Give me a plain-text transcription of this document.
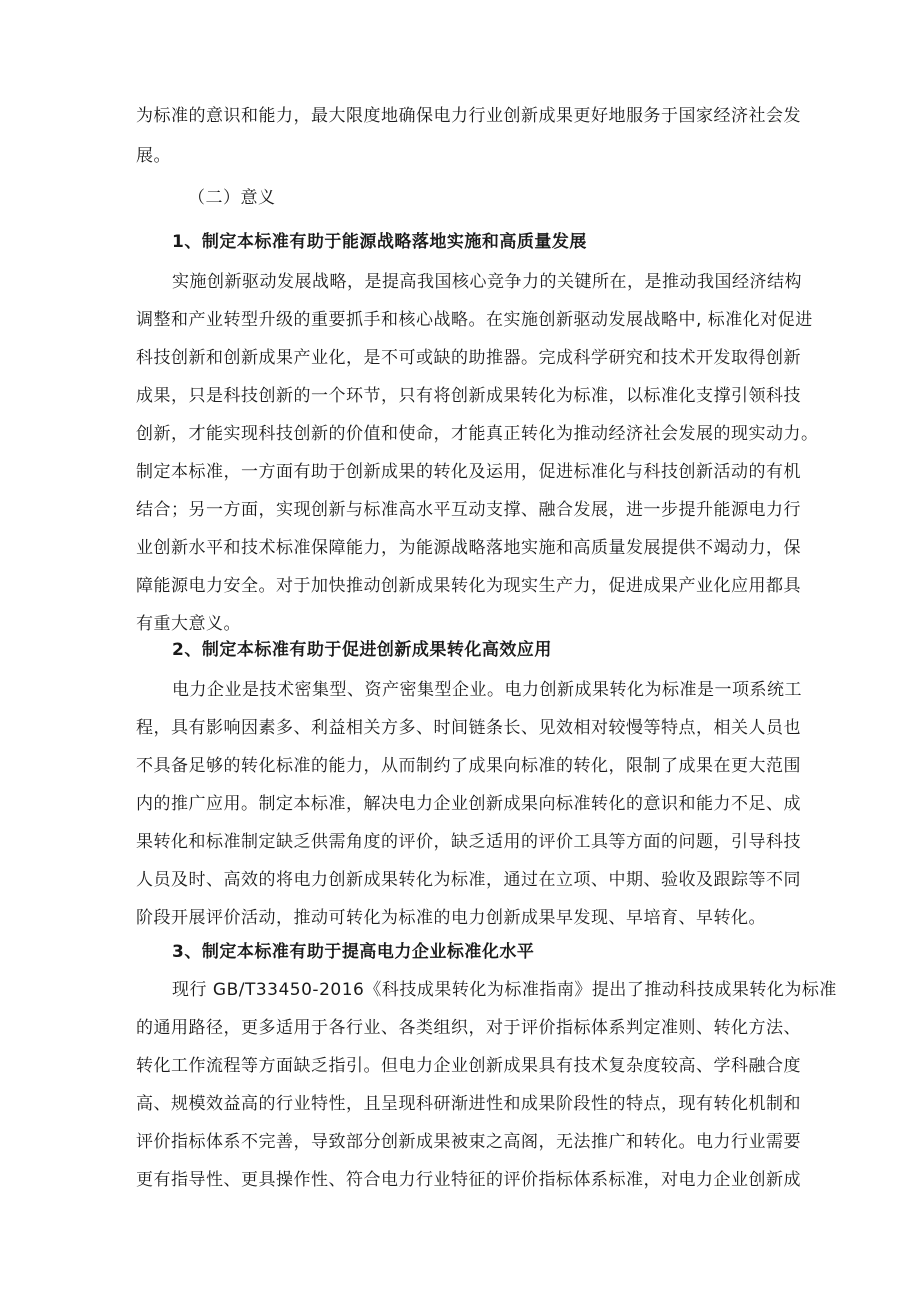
为标准的意识和能力，最大限度地确保电力行业创新成果更好地服务于国家经济社会发
展。
（二）意义
1、制定本标准有助于能源战略落地实施和高质量发展
实施创新驱动发展战略，是提高我国核心竞争力的关键所在，是推动我国经济结构
调整和产业转型升级的重要抓手和核心战略。在实施创新驱动发展战略中, 标准化对促进
科技创新和创新成果产业化，是不可或缺的助推器。完成科学研究和技术开发取得创新
成果，只是科技创新的一个环节，只有将创新成果转化为标准，以标准化支撑引领科技
创新，才能实现科技创新的价值和使命，才能真正转化为推动经济社会发展的现实动力。
制定本标准，一方面有助于创新成果的转化及运用，促进标准化与科技创新活动的有机
结合；另一方面，实现创新与标准高水平互动支撑、融合发展，进一步提升能源电力行
业创新水平和技术标准保障能力，为能源战略落地实施和高质量发展提供不竭动力，保
障能源电力安全。对于加快推动创新成果转化为现实生产力，促进成果产业化应用都具
有重大意义。
2、制定本标准有助于促进创新成果转化高效应用
电力企业是技术密集型、资产密集型企业。电力创新成果转化为标准是一项系统工
程，具有影响因素多、利益相关方多、时间链条长、见效相对较慢等特点，相关人员也
不具备足够的转化标准的能力，从而制约了成果向标准的转化，限制了成果在更大范围
内的推广应用。制定本标准，解决电力企业创新成果向标准转化的意识和能力不足、成
果转化和标准制定缺乏供需角度的评价，缺乏适用的评价工具等方面的问题，引导科技
人员及时、高效的将电力创新成果转化为标准，通过在立项、中期、验收及跟踪等不同
阶段开展评价活动，推动可转化为标准的电力创新成果早发现、早培育、早转化。
3、制定本标准有助于提高电力企业标准化水平
现行 GB/T33450-2016《科技成果转化为标准指南》提出了推动科技成果转化为标准
的通用路径，更多适用于各行业、各类组织，对于评价指标体系判定准则、转化方法、
转化工作流程等方面缺乏指引。但电力企业创新成果具有技术复杂度较高、学科融合度
高、规模效益高的行业特性，且呈现科研渐进性和成果阶段性的特点，现有转化机制和
评价指标体系不完善，导致部分创新成果被束之高阁，无法推广和转化。电力行业需要
更有指导性、更具操作性、符合电力行业特征的评价指标体系标准，对电力企业创新成
